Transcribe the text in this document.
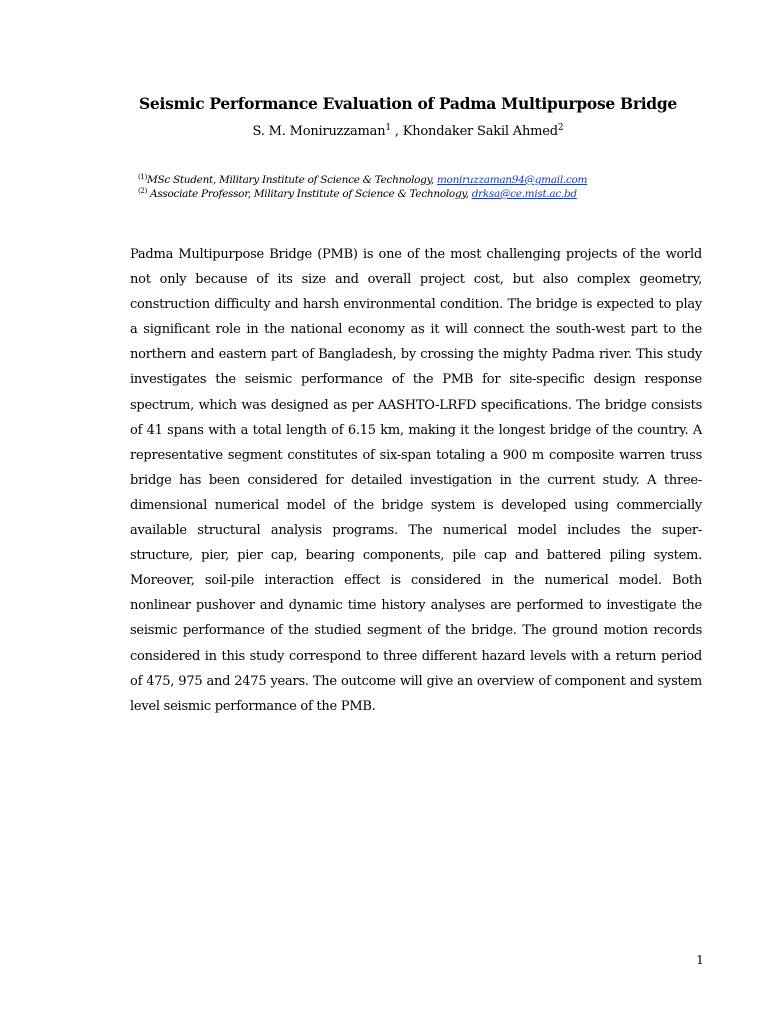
Seismic Performance Evaluation of Padma Multipurpose Bridge
S. M. Moniruzzaman$^1$ , Khondaker Sakil Ahmed$^2$
$^{(1)}$MSc Student, Military Institute of Science & Technology, moniruzzaman94@gmail.com
$^{(2)}$ Associate Professor, Military Institute of Science & Technology, drksa@ce.mist.ac.bd
Padma Multipurpose Bridge (PMB) is one of the most challenging projects of the world not only because of its size and overall project cost, but also complex geometry, construction difficulty and harsh environmental condition. The bridge is expected to play a significant role in the national economy as it will connect the south-west part to the northern and eastern part of Bangladesh, by crossing the mighty Padma river. This study investigates the seismic performance of the PMB for site-specific design response spectrum, which was designed as per AASHTO-LRFD specifications. The bridge consists of 41 spans with a total length of 6.15 km, making it the longest bridge of the country. A representative segment constitutes of six-span totaling a 900 m composite warren truss bridge has been considered for detailed investigation in the current study. A three-dimensional numerical model of the bridge system is developed using commercially available structural analysis programs. The numerical model includes the super-structure, pier, pier cap, bearing components, pile cap and battered piling system. Moreover, soil-pile interaction effect is considered in the numerical model. Both nonlinear pushover and dynamic time history analyses are performed to investigate the seismic performance of the studied segment of the bridge. The ground motion records considered in this study correspond to three different hazard levels with a return period of 475, 975 and 2475 years. The outcome will give an overview of component and system level seismic performance of the PMB.
1
